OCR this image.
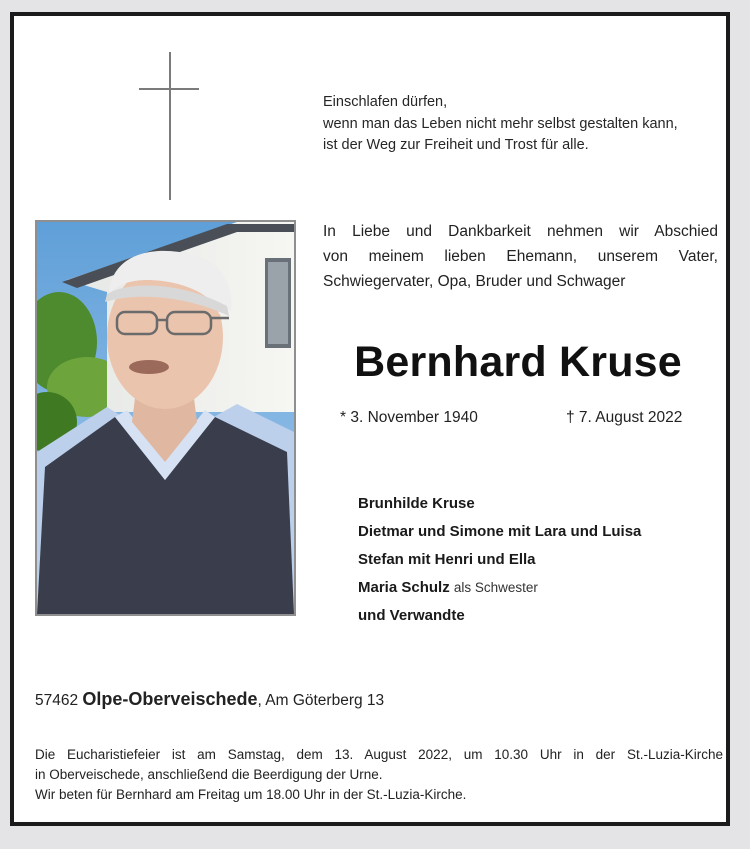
Einschlafen dürfen,
wenn man das Leben nicht mehr selbst gestalten kann,
ist der Weg zur Freiheit und Trost für alle.
In Liebe und Dankbarkeit nehmen wir Abschied
von meinem lieben Ehemann, unserem Vater,
Schwiegervater, Opa, Bruder und Schwager
Bernhard Kruse
* 3. November 1940	† 7. August 2022
Brunhilde Kruse
Dietmar und Simone mit Lara und Luisa
Stefan mit Henri und Ella
Maria Schulz als Schwester
und Verwandte
57462 Olpe-Oberveischede, Am Göterberg 13
Die Eucharistiefeier ist am Samstag, dem 13. August 2022, um 10.30 Uhr in der St.-Luzia-Kirche
in Oberveischede, anschließend die Beerdigung der Urne.
Wir beten für Bernhard am Freitag um 18.00 Uhr in der St.-Luzia-Kirche.
